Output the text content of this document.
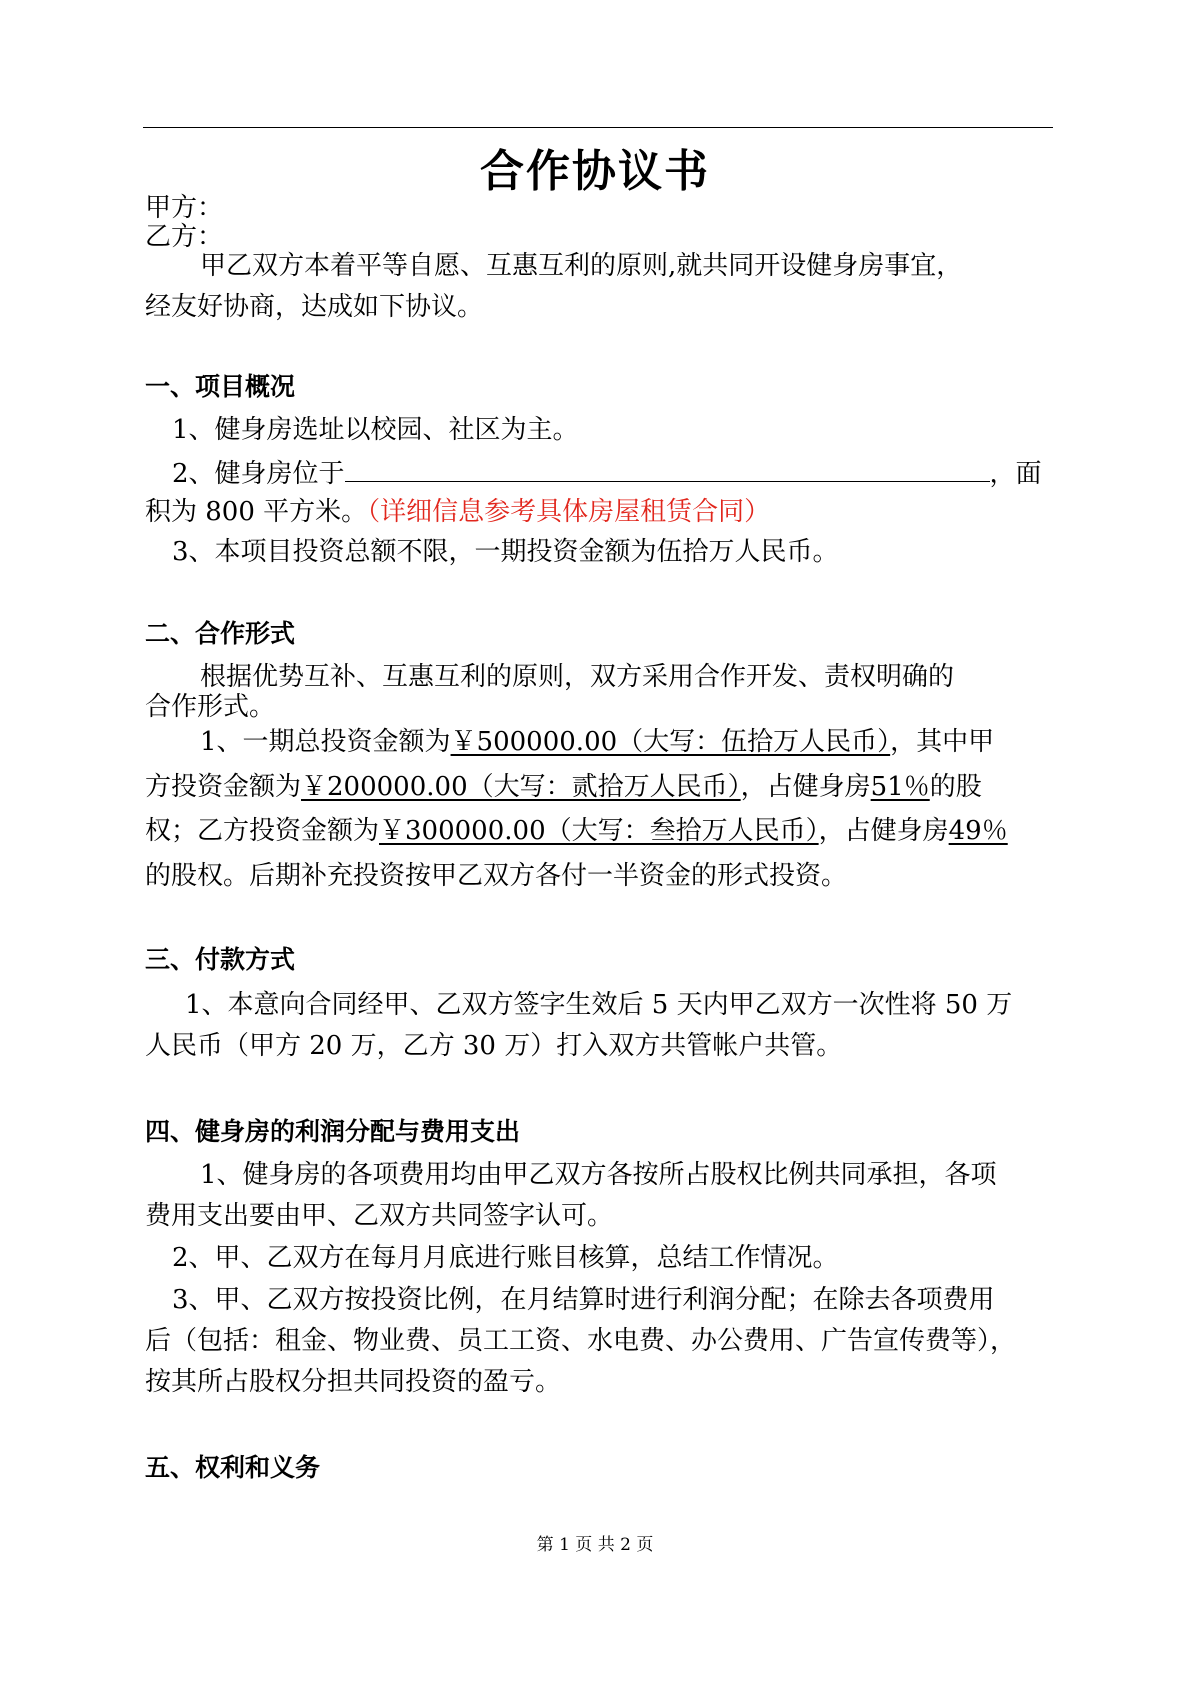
合作协议书
甲方：
乙方：
甲乙双方本着平等自愿、互惠互利的原则,就共同开设健身房事宜，
经友好协商，达成如下协议。
一、项目概况
1、健身房选址以校园、社区为主。
2、健身房位于	，面
积为 800 平方米。（详细信息参考具体房屋租赁合同）
3、本项目投资总额不限，一期投资金额为伍拾万人民币。
二、合作形式
根据优势互补、互惠互利的原则，双方采用合作开发、责权明确的
合作形式。
1、一期总投资金额为￥500000.00（大写：伍拾万人民币），其中甲
方投资金额为￥200000.00（大写：贰拾万人民币），占健身房51％的股
权；乙方投资金额为￥300000.00（大写：叁拾万人民币），占健身房49％
的股权。后期补充投资按甲乙双方各付一半资金的形式投资。
三、付款方式
1、本意向合同经甲、乙双方签字生效后 5 天内甲乙双方一次性将 50 万
人民币（甲方 20 万，乙方 30 万）打入双方共管帐户共管。
四、健身房的利润分配与费用支出
1、健身房的各项费用均由甲乙双方各按所占股权比例共同承担，各项
费用支出要由甲、乙双方共同签字认可。
2、甲、乙双方在每月月底进行账目核算，总结工作情况。
3、甲、乙双方按投资比例，在月结算时进行利润分配；在除去各项费用
后（包括：租金、物业费、员工工资、水电费、办公费用、广告宣传费等），
按其所占股权分担共同投资的盈亏。
五、权利和义务
第 1 页 共 2 页
